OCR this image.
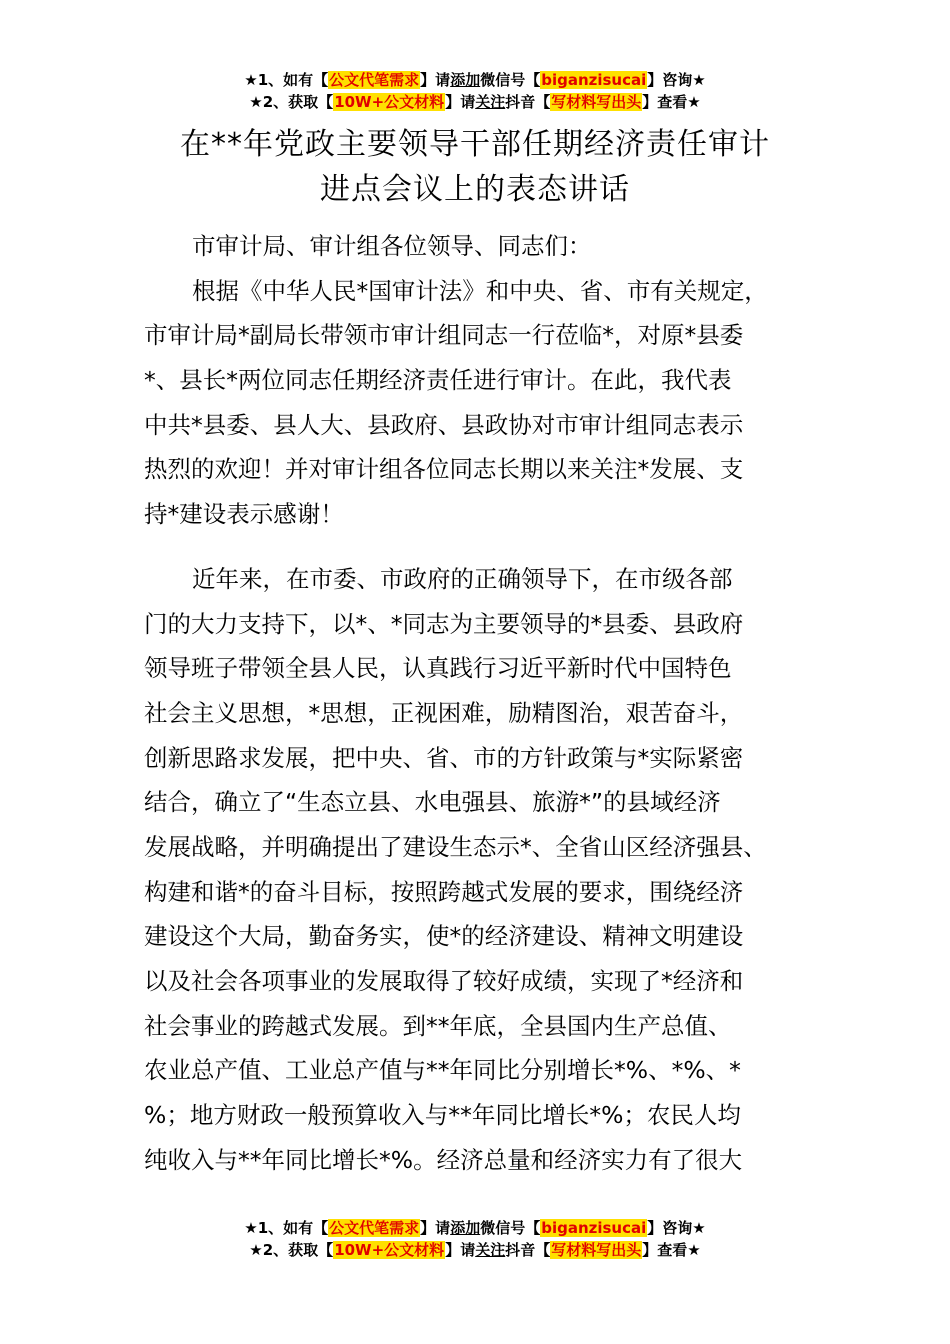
★1、如有【公文代笔需求】请添加微信号【biganzisucai】咨询★
★2、获取【10W+公文材料】请关注抖音【写材料写出头】查看★
在**年党政主要领导干部任期经济责任审计
进点会议上的表态讲话
市审计局、审计组各位领导、同志们：
根据《中华人民*国审计法》和中央、省、市有关规定，
市审计局*副局长带领市审计组同志一行莅临*，对原*县委
*、县长*两位同志任期经济责任进行审计。在此，我代表
中共*县委、县人大、县政府、县政协对市审计组同志表示
热烈的欢迎！并对审计组各位同志长期以来关注*发展、支
持*建设表示感谢！
近年来，在市委、市政府的正确领导下，在市级各部
门的大力支持下，以*、*同志为主要领导的*县委、县政府
领导班子带领全县人民，认真践行习近平新时代中国特色
社会主义思想，*思想，正视困难，励精图治，艰苦奋斗，
创新思路求发展，把中央、省、市的方针政策与*实际紧密
结合，确立了“生态立县、水电强县、旅游*”的县域经济
发展战略，并明确提出了建设生态示*、全省山区经济强县、
构建和谐*的奋斗目标，按照跨越式发展的要求，围绕经济
建设这个大局，勤奋务实，使*的经济建设、精神文明建设
以及社会各项事业的发展取得了较好成绩，实现了*经济和
社会事业的跨越式发展。到**年底，全县国内生产总值、
农业总产值、工业总产值与**年同比分别增长*%、*%、*
%；地方财政一般预算收入与**年同比增长*%；农民人均
纯收入与**年同比增长*%。经济总量和经济实力有了很大
★1、如有【公文代笔需求】请添加微信号【biganzisucai】咨询★
★2、获取【10W+公文材料】请关注抖音【写材料写出头】查看★
